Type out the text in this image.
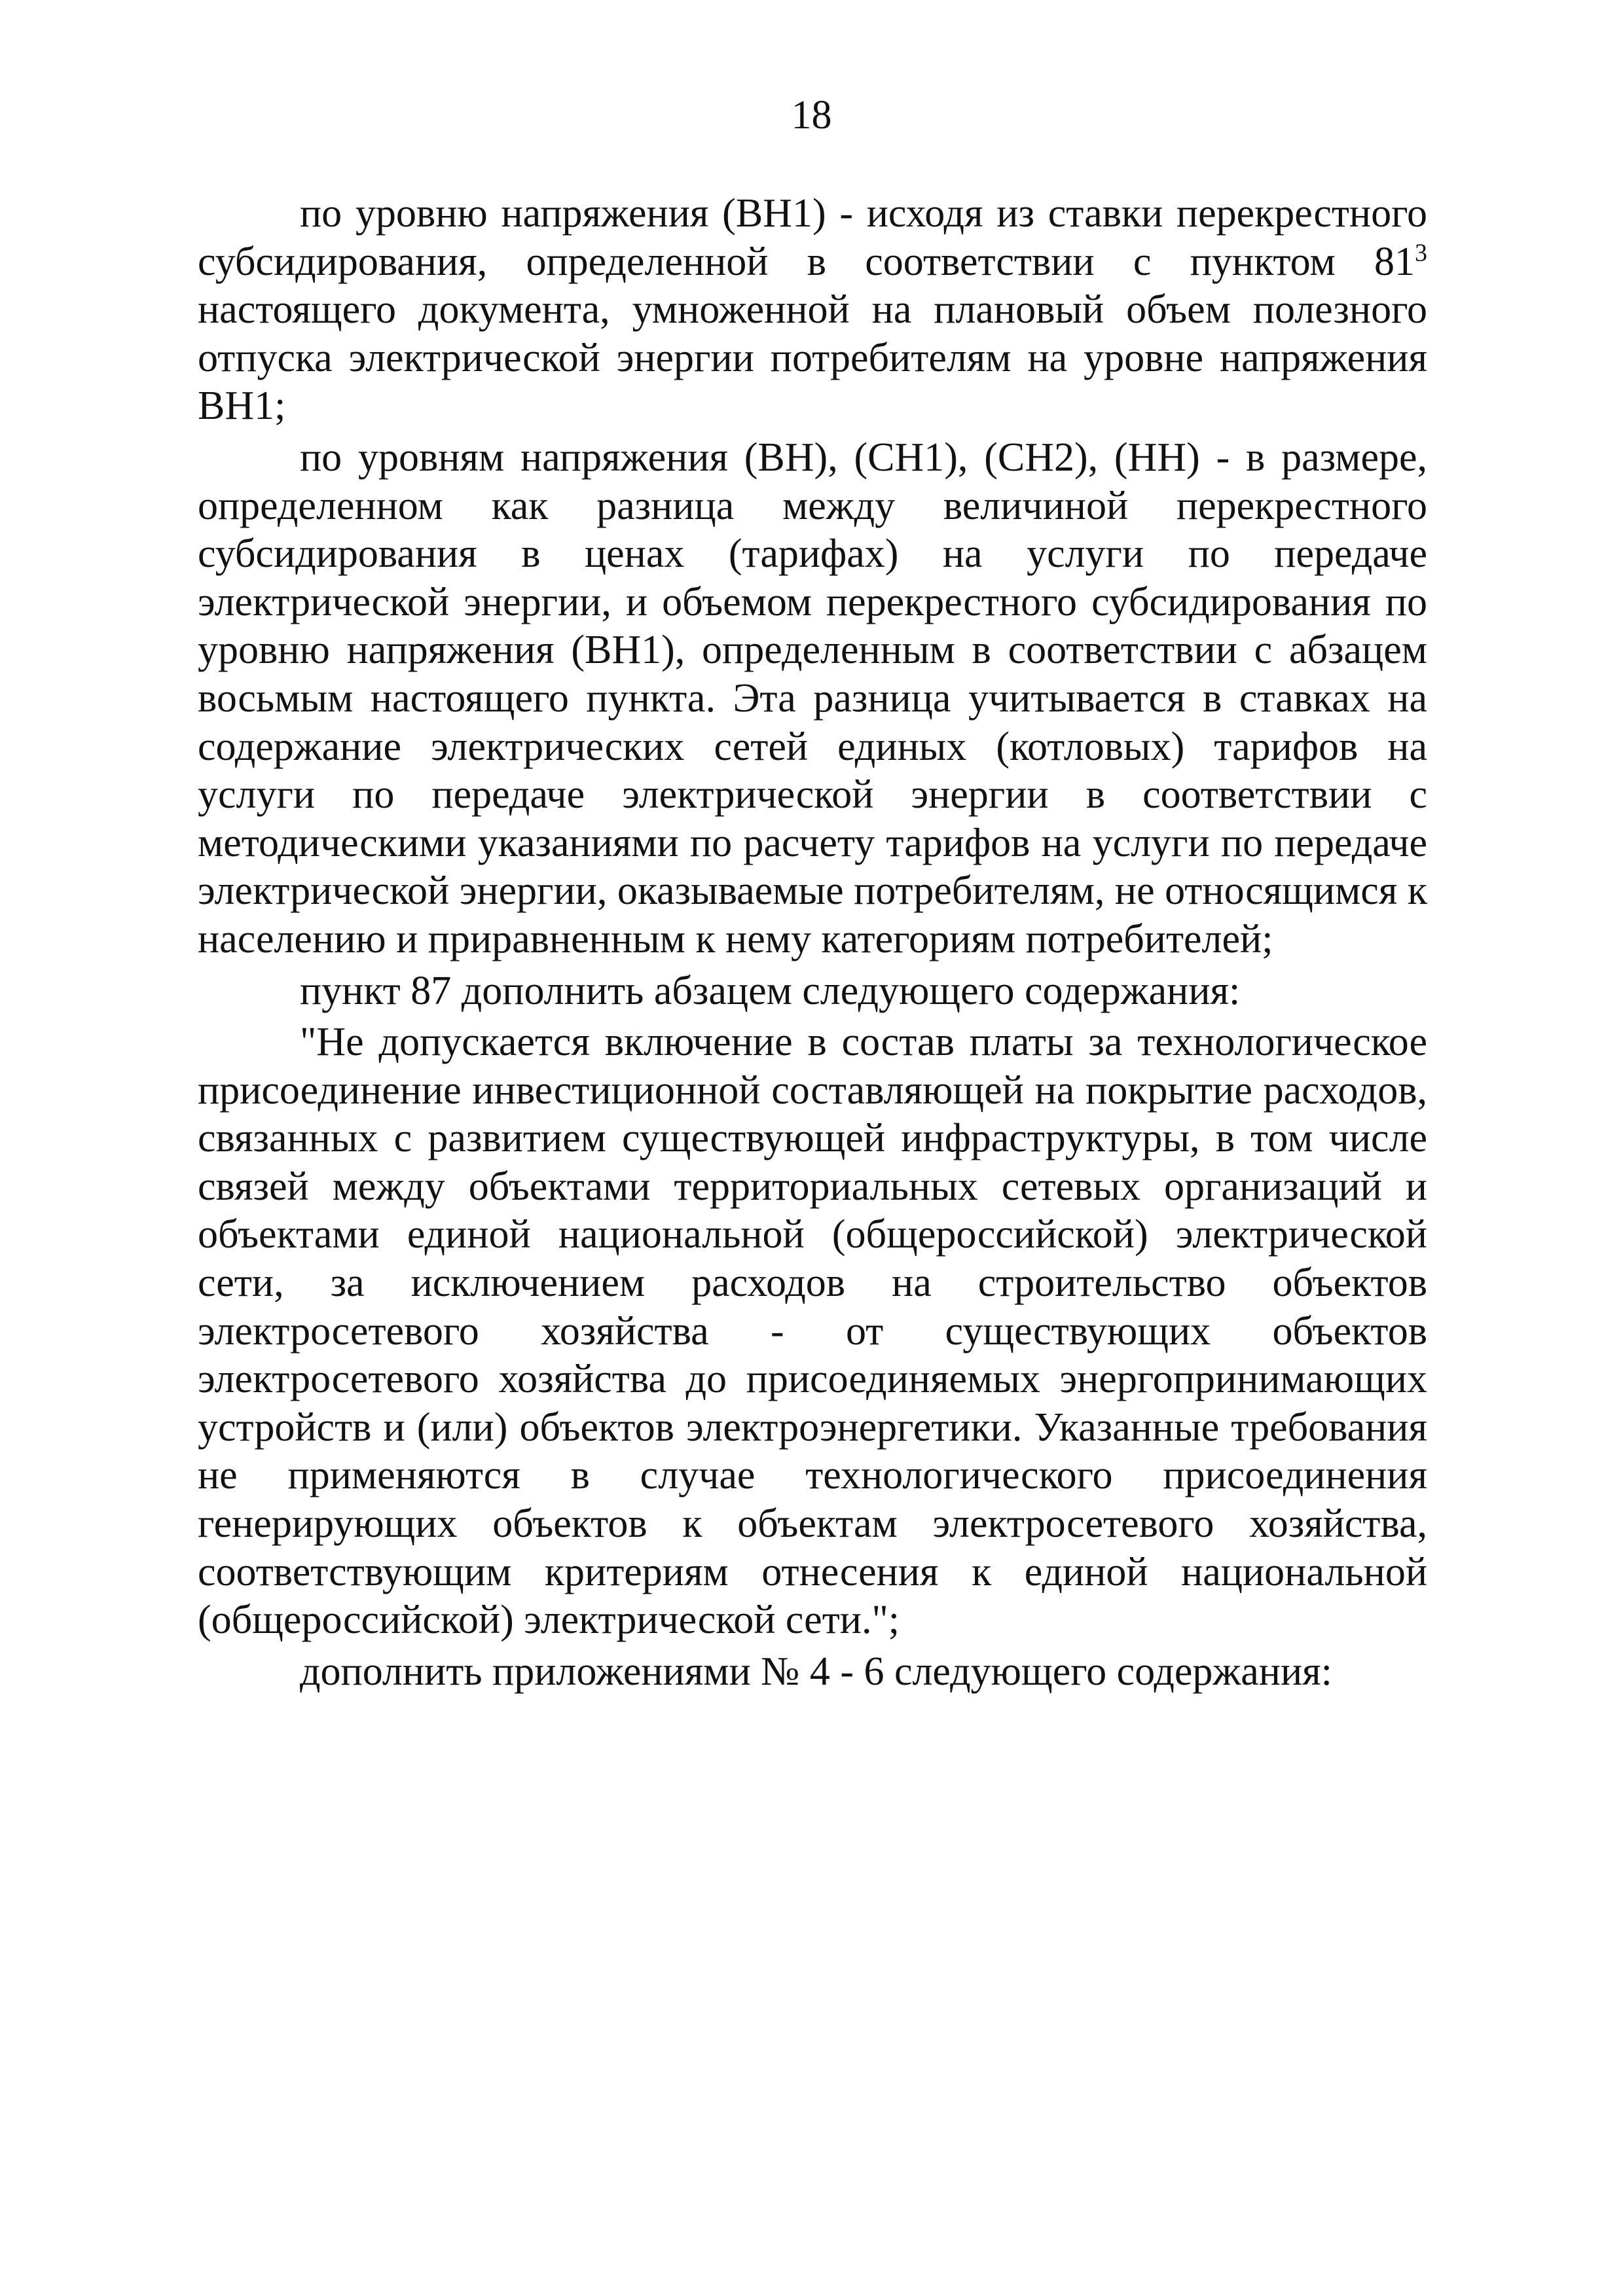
18

по уровню напряжения (ВН1) - исходя из ставки перекрестного субсидирования, определенной в соответствии с пунктом $81^3$ настоящего документа, умноженной на плановый объем полезного отпуска электрической энергии потребителям на уровне напряжения ВН1;

по уровням напряжения (ВН), (СН1), (СН2), (НН) - в размере, определенном как разница между величиной перекрестного субсидирования в ценах (тарифах) на услуги по передаче электрической энергии, и объемом перекрестного субсидирования по уровню напряжения (ВН1), определенным в соответствии с абзацем восьмым настоящего пункта. Эта разница учитывается в ставках на содержание электрических сетей единых (котловых) тарифов на услуги по передаче электрической энергии в соответствии с методическими указаниями по расчету тарифов на услуги по передаче электрической энергии, оказываемые потребителям, не относящимся к населению и приравненным к нему категориям потребителей;

пункт 87 дополнить абзацем следующего содержания:

"Не допускается включение в состав платы за технологическое присоединение инвестиционной составляющей на покрытие расходов, связанных с развитием существующей инфраструктуры, в том числе связей между объектами территориальных сетевых организаций и объектами единой национальной (общероссийской) электрической сети, за исключением расходов на строительство объектов электросетевого хозяйства - от существующих объектов электросетевого хозяйства до присоединяемых энергопринимающих устройств и (или) объектов электроэнергетики. Указанные требования не применяются в случае технологического присоединения генерирующих объектов к объектам электросетевого хозяйства, соответствующим критериям отнесения к единой национальной (общероссийской) электрической сети.";

дополнить приложениями № 4 - 6 следующего содержания:
